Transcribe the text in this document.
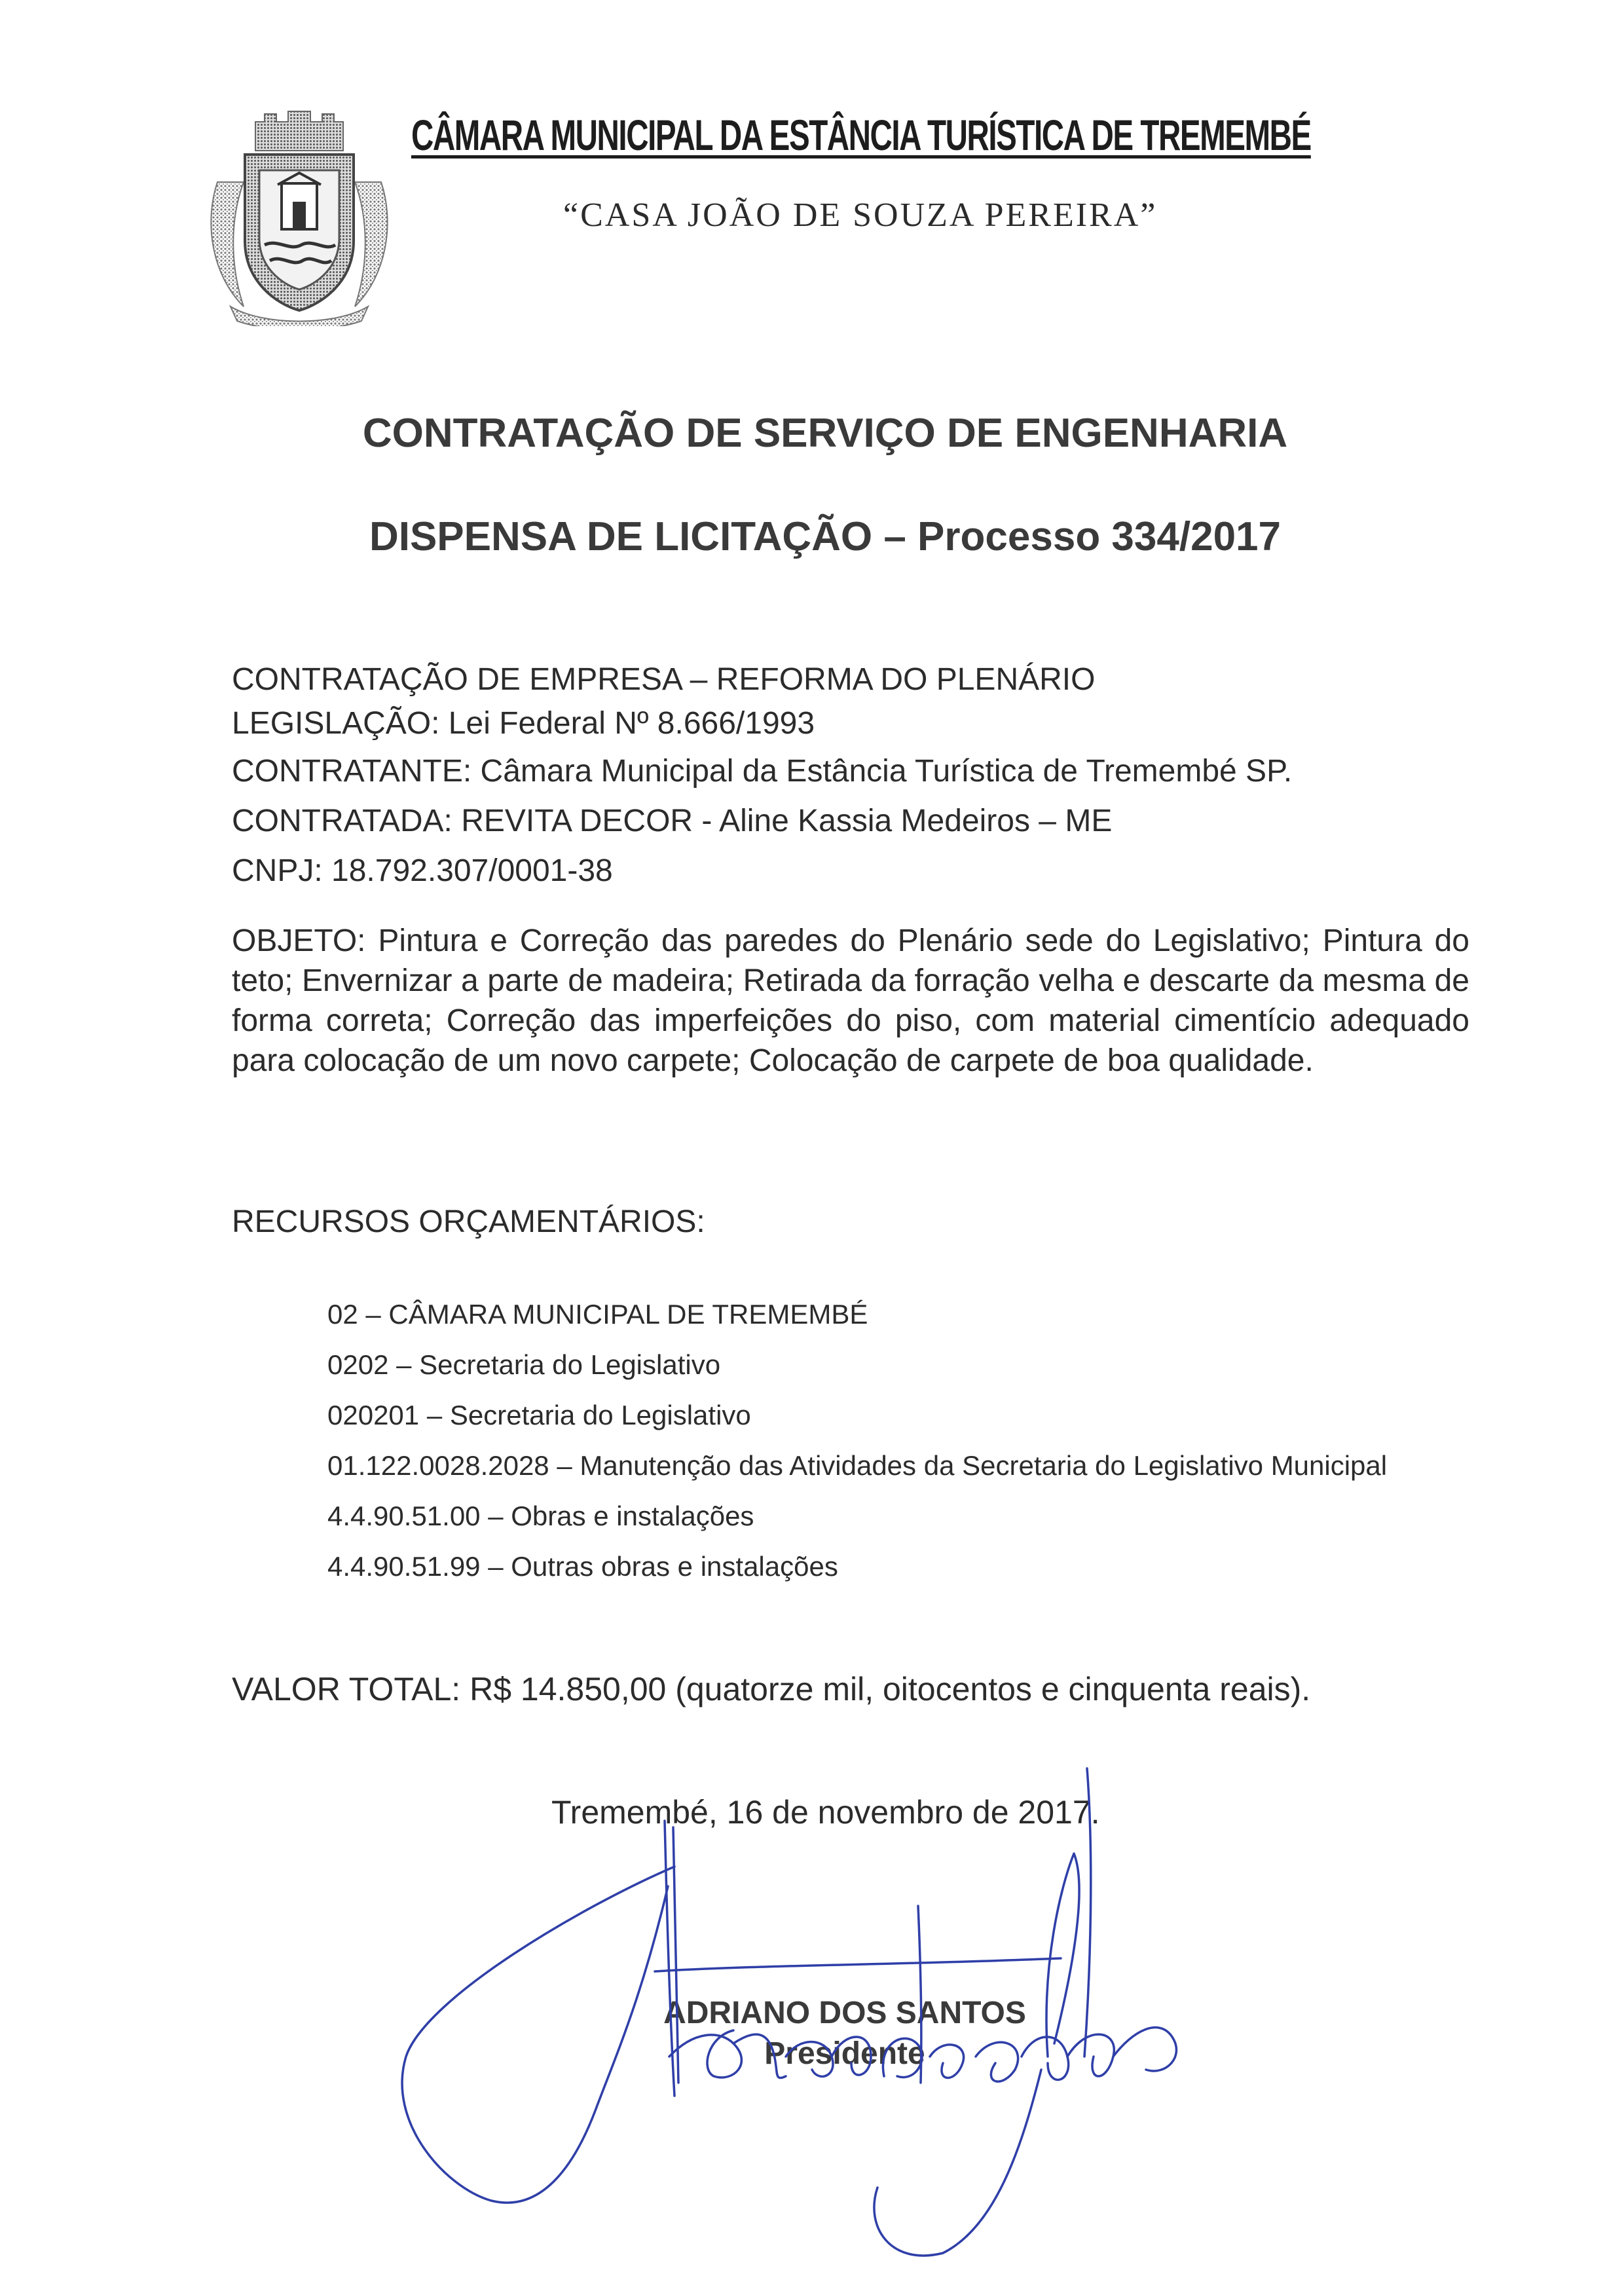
CÂMARA MUNICIPAL DA ESTÂNCIA TURÍSTICA DE TREMEMBÉ

“CASA JOÃO DE SOUZA PEREIRA”

CONTRATAÇÃO DE SERVIÇO DE ENGENHARIA
DISPENSA DE LICITAÇÃO – Processo 334/2017
CONTRATAÇÃO DE EMPRESA – REFORMA DO PLENÁRIO
LEGISLAÇÃO: Lei Federal Nº 8.666/1993
CONTRATANTE: Câmara Municipal da Estância Turística de Tremembé SP.
CONTRATADA: REVITA DECOR - Aline Kassia Medeiros – ME
CNPJ: 18.792.307/0001-38

OBJETO: Pintura e Correção das paredes do Plenário sede do Legislativo; Pintura do teto; Envernizar a parte de madeira; Retirada da forração velha e descarte da mesma de forma correta; Correção das imperfeições do piso, com material cimentício adequado para colocação de um novo carpete; Colocação de carpete de boa qualidade.

RECURSOS ORÇAMENTÁRIOS:
02 – CÂMARA MUNICIPAL DE TREMEMBÉ
0202 – Secretaria do Legislativo
020201 – Secretaria do Legislativo
01.122.0028.2028 – Manutenção das Atividades da Secretaria do Legislativo Municipal
4.4.90.51.00 – Obras e instalações
4.4.90.51.99 – Outras obras e instalações

VALOR TOTAL: R$ 14.850,00 (quatorze mil, oitocentos e cinquenta reais).

Tremembé, 16 de novembro de 2017.

ADRIANO DOS SANTOS

Presidente
